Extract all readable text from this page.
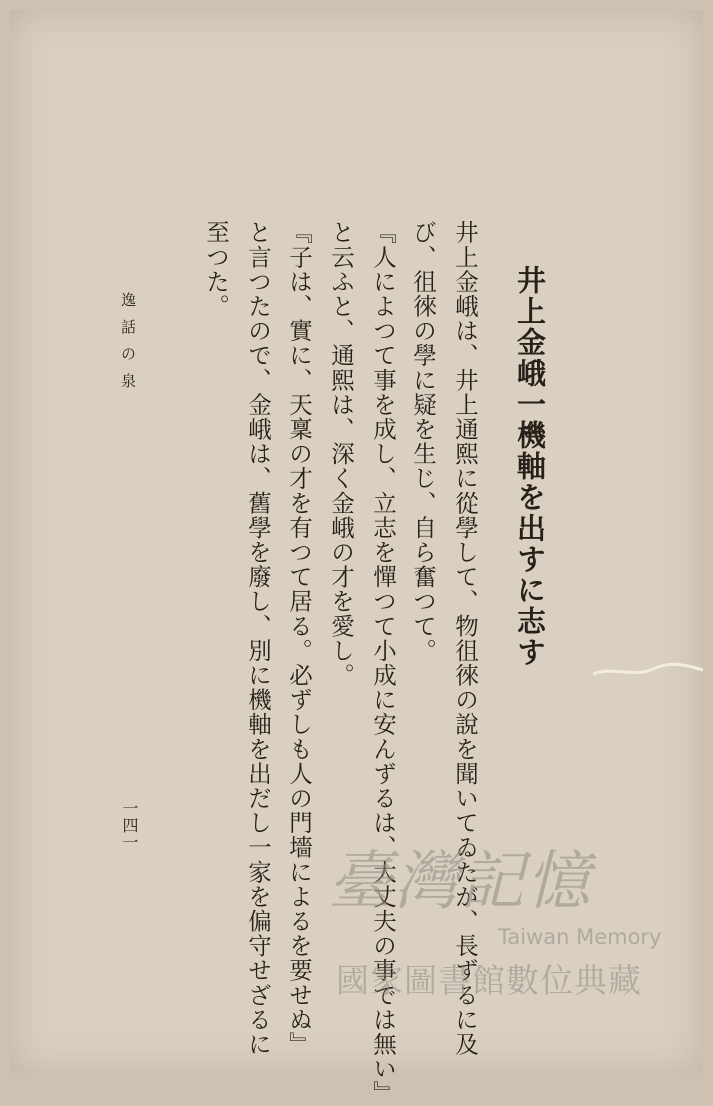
井上金峨一機軸を出すに志す
井上金峨は、井上通熙に從學して、物徂徠の說を聞いてゐたが、長ずるに及
び、徂徠の學に疑を生じ、自ら奮つて。
『人によつて事を成し、立志を憚つて小成に安んずるは、大丈夫の事では無い』
と云ふと、通熙は、深く金峨の才を愛し。
『子は、實に、天稟の才を有つて居る。必ずしも人の門墻によるを要せぬ』
と言つたので、金峨は、舊學を廢し、別に機軸を出だし一家を偏守せざるに
至つた。
逸話の泉
一四一
臺灣記憶
Taiwan Memory
國家圖書館數位典藏
